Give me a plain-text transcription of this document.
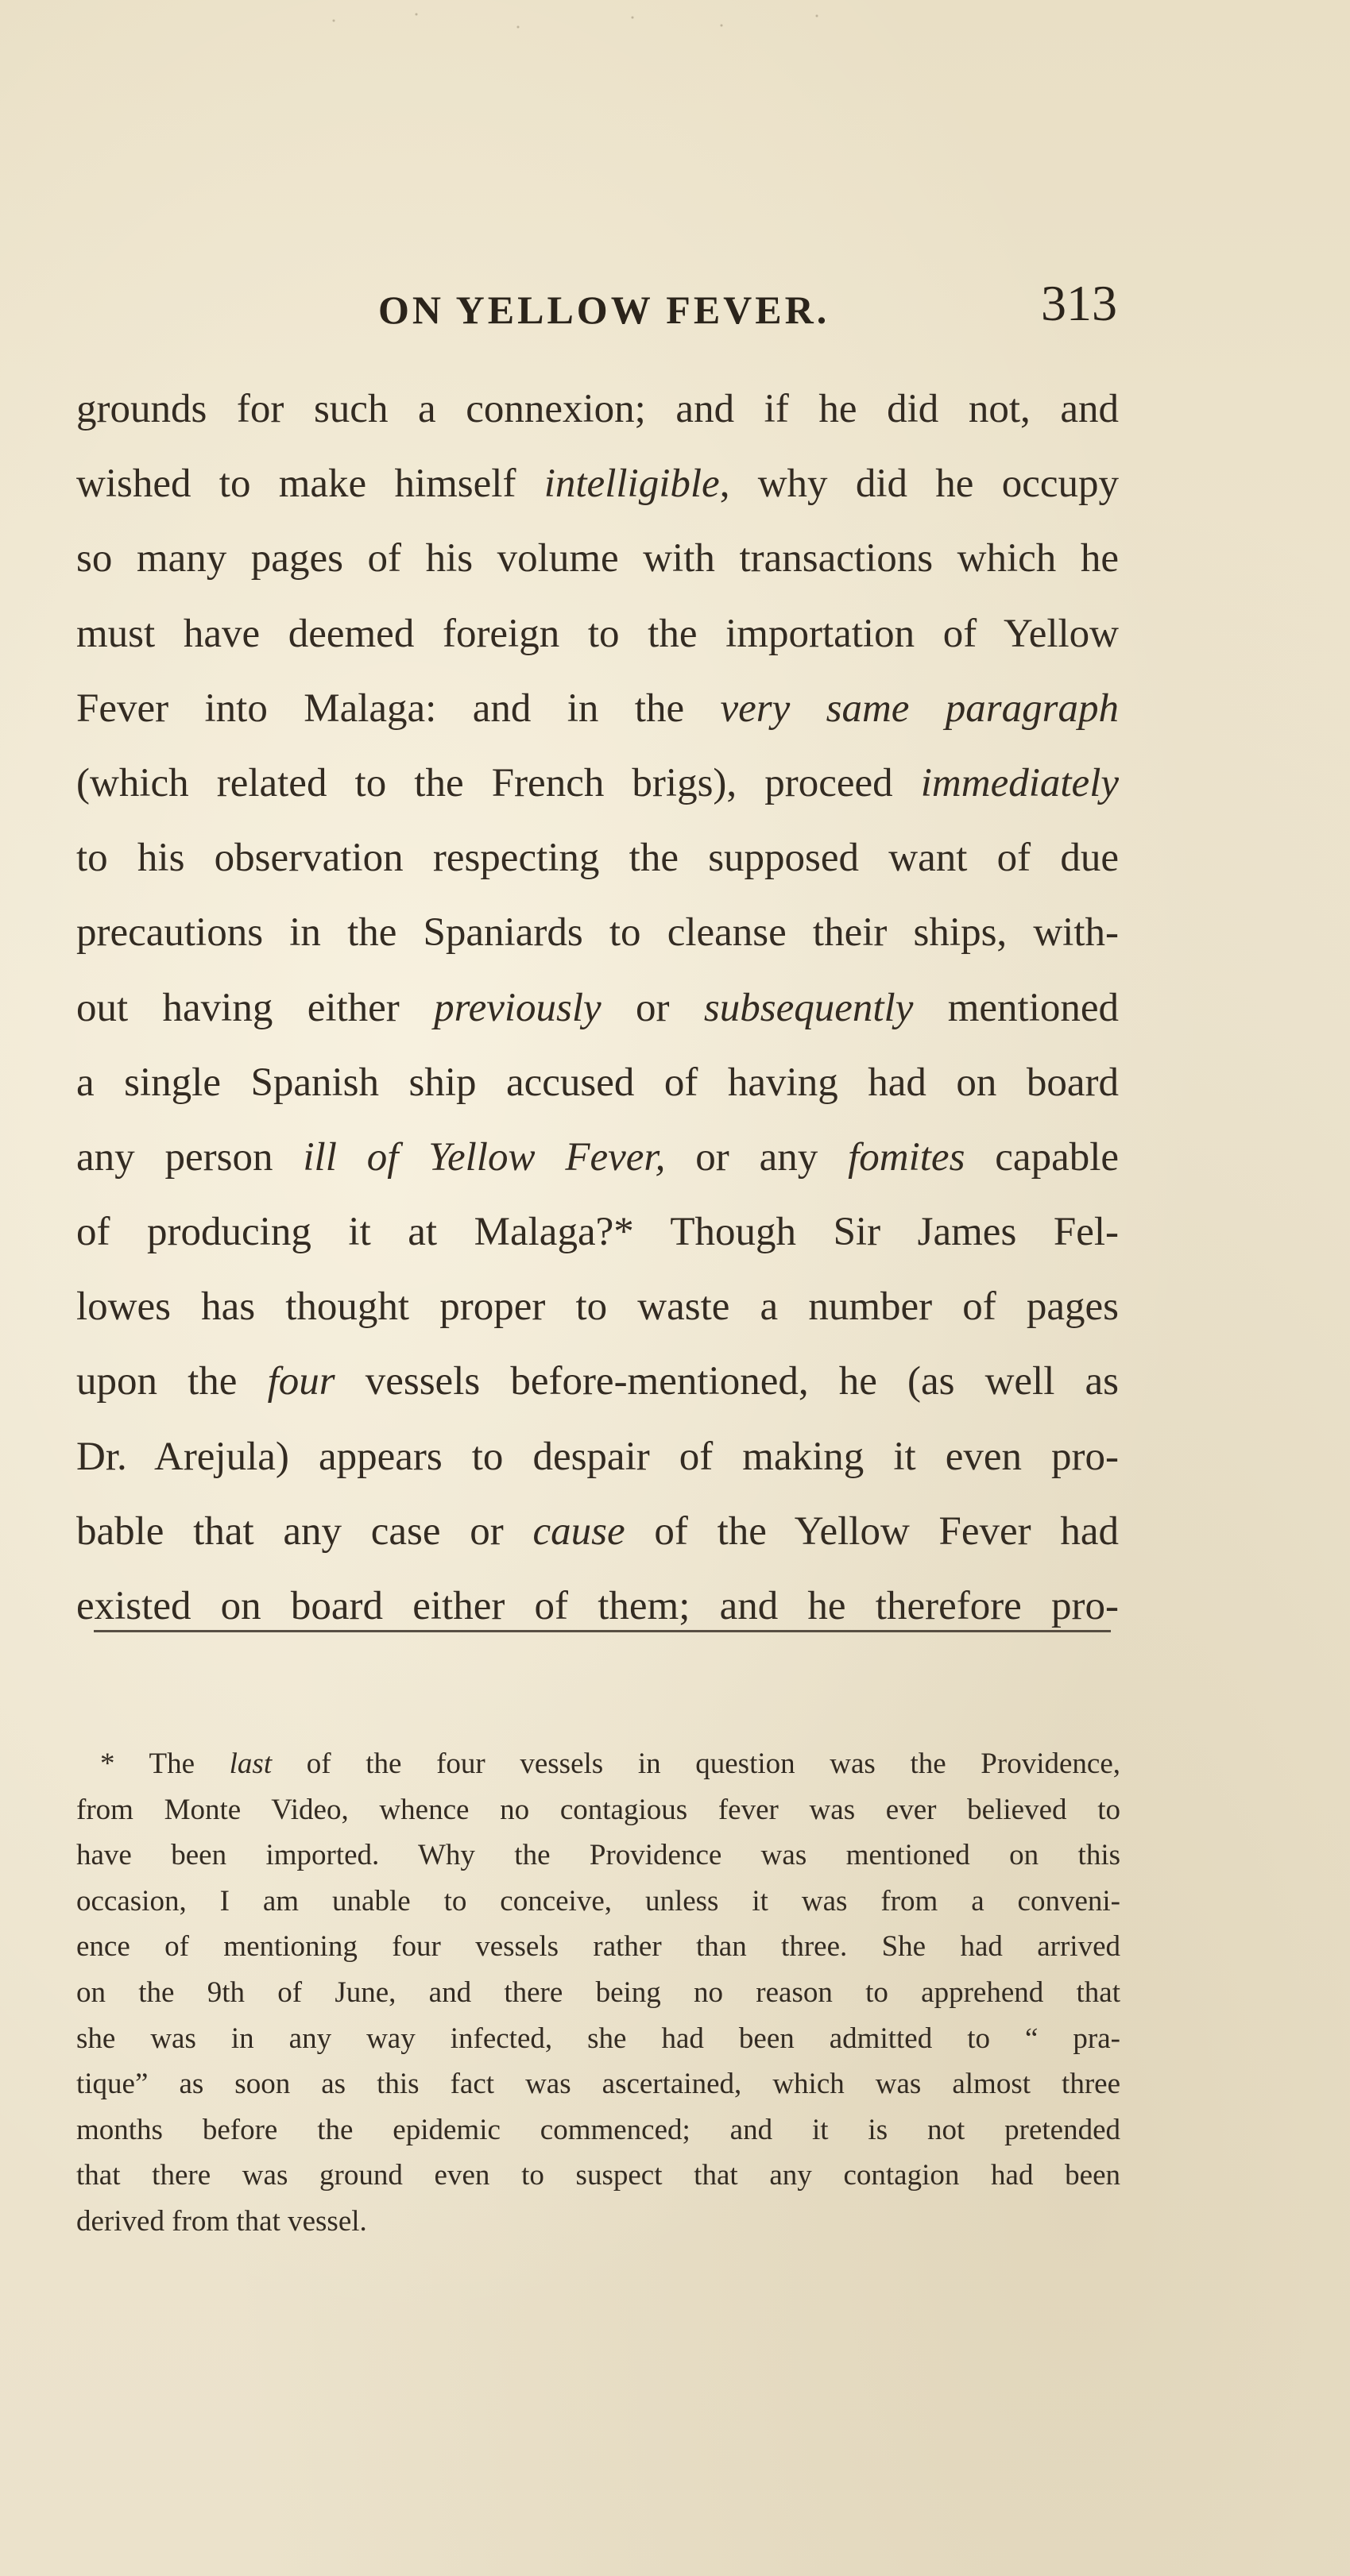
ON YELLOW FEVER.	313
grounds for such a connexion; and if he did not, and
wished to make himself intelligible, why did he occupy
so many pages of his volume with transactions which he
must have deemed foreign to the importation of Yellow
Fever into Malaga: and in the very same paragraph
(which related to the French brigs), proceed immediately
to his observation respecting the supposed want of due
precautions in the Spaniards to cleanse their ships, with-
out having either previously or subsequently mentioned
a single Spanish ship accused of having had on board
any person ill of Yellow Fever, or any fomites capable
of producing it at Malaga?* Though Sir James Fel-
lowes has thought proper to waste a number of pages
upon the four vessels before-mentioned, he (as well as
Dr. Arejula) appears to despair of making it even pro-
bable that any case or cause of the Yellow Fever had
existed on board either of them; and he therefore pro-
* The last of the four vessels in question was the Providence,
from Monte Video, whence no contagious fever was ever believed to
have been imported. Why the Providence was mentioned on this
occasion, I am unable to conceive, unless it was from a conveni-
ence of mentioning four vessels rather than three. She had arrived
on the 9th of June, and there being no reason to apprehend that
she was in any way infected, she had been admitted to “ pra-
tique” as soon as this fact was ascertained, which was almost three
months before the epidemic commenced; and it is not pretended
that there was ground even to suspect that any contagion had been
derived from that vessel.
